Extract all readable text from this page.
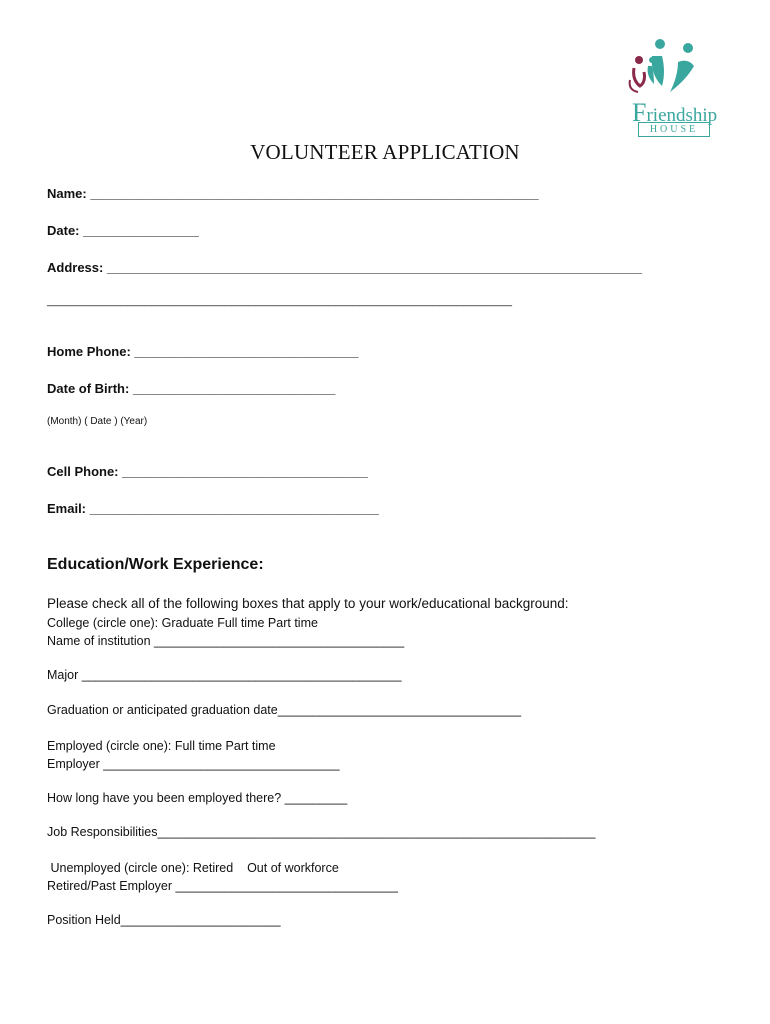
Friendship
HOUSE
VOLUNTEER APPLICATION
Name: ______________________________________________________________
Date: ________________
Address: __________________________________________________________________________
____________________________________________________________________________
Home Phone: _______________________________
Date of Birth: ____________________________
(Month) ( Date ) (Year)
Cell Phone: __________________________________
Email: ________________________________________
Education/Work Experience:
Please check all of the following boxes that apply to your work/educational background:
College (circle one): Graduate Full time Part time
Name of institution ____________________________________
Major ______________________________________________
Graduation or anticipated graduation date___________________________________
Employed (circle one): Full time Part time
Employer __________________________________
How long have you been employed there? _________
Job Responsibilities_______________________________________________________________
Unemployed (circle one): Retired    Out of workforce
Retired/Past Employer ________________________________
Position Held_______________________
